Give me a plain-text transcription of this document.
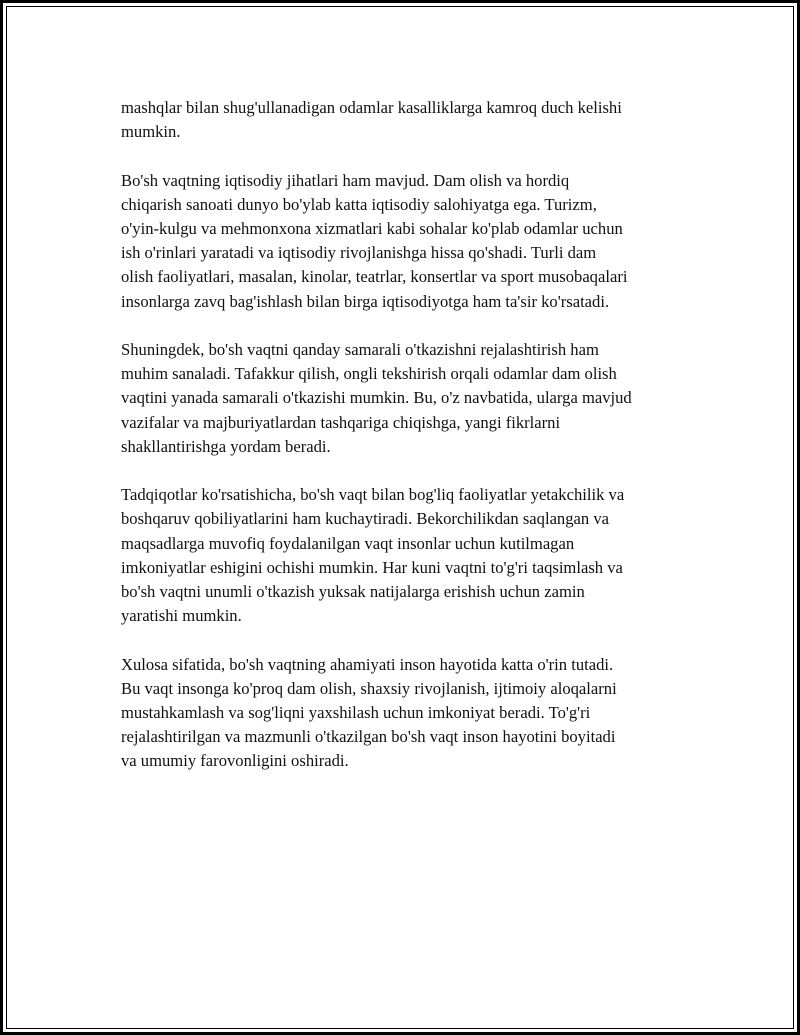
mashqlar bilan shug'ullanadigan odamlar kasalliklarga kamroq duch kelishi
mumkin.

Bo'sh vaqtning iqtisodiy jihatlari ham mavjud. Dam olish va hordiq
chiqarish sanoati dunyo bo'ylab katta iqtisodiy salohiyatga ega. Turizm,
o'yin-kulgu va mehmonxona xizmatlari kabi sohalar ko'plab odamlar uchun
ish o'rinlari yaratadi va iqtisodiy rivojlanishga hissa qo'shadi. Turli dam
olish faoliyatlari, masalan, kinolar, teatrlar, konsertlar va sport musobaqalari
insonlarga zavq bag'ishlash bilan birga iqtisodiyotga ham ta'sir ko'rsatadi.

Shuningdek, bo'sh vaqtni qanday samarali o'tkazishni rejalashtirish ham
muhim sanaladi. Tafakkur qilish, ongli tekshirish orqali odamlar dam olish
vaqtini yanada samarali o'tkazishi mumkin. Bu, o'z navbatida, ularga mavjud
vazifalar va majburiyatlardan tashqariga chiqishga, yangi fikrlarni
shakllantirishga yordam beradi.

Tadqiqotlar ko'rsatishicha, bo'sh vaqt bilan bog'liq faoliyatlar yetakchilik va
boshqaruv qobiliyatlarini ham kuchaytiradi. Bekorchilikdan saqlangan va
maqsadlarga muvofiq foydalanilgan vaqt insonlar uchun kutilmagan
imkoniyatlar eshigini ochishi mumkin. Har kuni vaqtni to'g'ri taqsimlash va
bo'sh vaqtni unumli o'tkazish yuksak natijalarga erishish uchun zamin
yaratishi mumkin.

Xulosa sifatida, bo'sh vaqtning ahamiyati inson hayotida katta o'rin tutadi.
Bu vaqt insonga ko'proq dam olish, shaxsiy rivojlanish, ijtimoiy aloqalarni
mustahkamlash va sog'liqni yaxshilash uchun imkoniyat beradi. To'g'ri
rejalashtirilgan va mazmunli o'tkazilgan bo'sh vaqt inson hayotini boyitadi
va umumiy farovonligini oshiradi.
